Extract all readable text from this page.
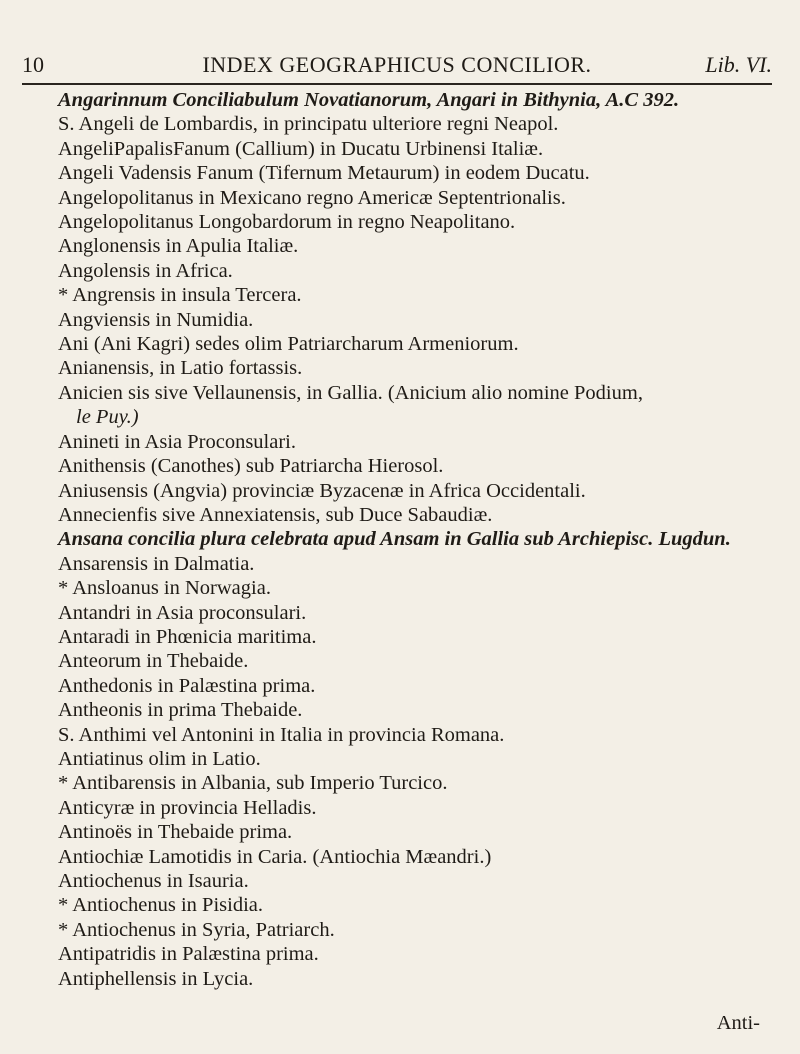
10	INDEX GEOGRAPHICUS CONCILIOR.	Lib. VI.
Angarinnum Conciliabulum Novatianorum, Angari in Bithynia, A.C 392.
S. Angeli de Lombardis, in principatu ulteriore regni Neapol.
AngeliPapalisFanum (Callium) in Ducatu Urbinensi Italiæ.
Angeli Vadensis Fanum (Tifernum Metaurum) in eodem Ducatu.
Angelopolitanus in Mexicano regno Americæ Septentrionalis.
Angelopolitanus Longobardorum in regno Neapolitano.
Anglonensis in Apulia Italiæ.
Angolensis in Africa.
* Angrensis in insula Tercera.
Angviensis in Numidia.
Ani (Ani Kagri) sedes olim Patriarcharum Armeniorum.
Anianensis, in Latio fortassis.
Anicien sis sive Vellaunensis, in Gallia. (Anicium alio nomine Podium,
le Puy.)
Anineti in Asia Proconsulari.
Anithensis (Canothes) sub Patriarcha Hierosol.
Aniusensis (Angvia) provinciæ Byzacenæ in Africa Occidentali.
Annecienfis sive Annexiatensis, sub Duce Sabaudiæ.
Ansana concilia plura celebrata apud Ansam in Gallia sub Archiepisc. Lugdun.
Ansarensis in Dalmatia.
* Ansloanus in Norwagia.
Antandri in Asia proconsulari.
Antaradi in Phœnicia maritima.
Anteorum in Thebaide.
Anthedonis in Palæstina prima.
Antheonis in prima Thebaide.
S. Anthimi vel Antonini in Italia in provincia Romana.
Antiatinus olim in Latio.
* Antibarensis in Albania, sub Imperio Turcico.
Anticyræ in provincia Helladis.
Antinoës in Thebaide prima.
Antiochiæ Lamotidis in Caria. (Antiochia Mæandri.)
Antiochenus in Isauria.
* Antiochenus in Pisidia.
* Antiochenus in Syria, Patriarch.
Antipatridis in Palæstina prima.
Antiphellensis in Lycia.
Anti-
